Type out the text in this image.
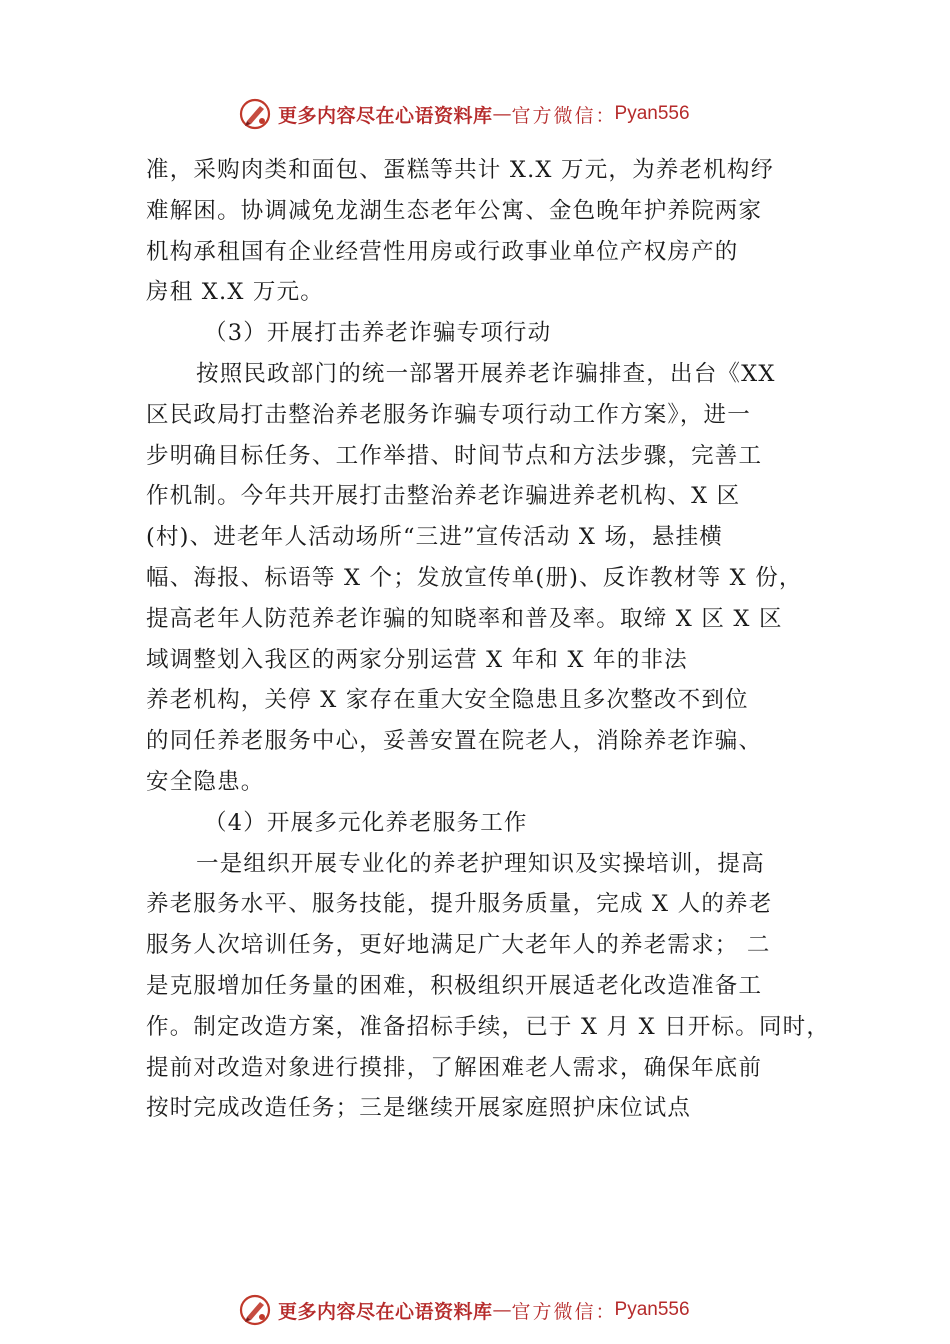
更多内容尽在心语资料库 — 官方微信 ： Pyan556
准，采购肉类和面包、蛋糕等共计 X.X 万元，为养老机构纾
难解困。协调减免龙湖生态老年公寓、金色晚年护养院两家
机构承租国有企业经营性用房或行政事业单位产权房产的
房租 X.X 万元。
（3）开展打击养老诈骗专项行动
按照民政部门的统一部署开展养老诈骗排查，出台《XX
区民政局打击整治养老服务诈骗专项行动工作方案》，进一
步明确目标任务、工作举措、时间节点和方法步骤，完善工
作机制。今年共开展打击整治养老诈骗进养老机构、X 区
(村)、进老年人活动场所“三进”宣传活动 X 场，悬挂横
幅、海报、标语等 X 个；发放宣传单(册)、反诈教材等 X 份，
提高老年人防范养老诈骗的知晓率和普及率。取缔 X 区 X 区
域调整划入我区的两家分别运营 X 年和 X 年的非法
养老机构，关停 X 家存在重大安全隐患且多次整改不到位
的同任养老服务中心，妥善安置在院老人，消除养老诈骗、
安全隐患。
（4）开展多元化养老服务工作
一是组织开展专业化的养老护理知识及实操培训，提高
养老服务水平、服务技能，提升服务质量，完成 X 人的养老
服务人次培训任务，更好地满足广大老年人的养老需求； 二
是克服增加任务量的困难，积极组织开展适老化改造准备工
作。制定改造方案，准备招标手续，已于 X 月 X 日开标。同时，
提前对改造对象进行摸排，了解困难老人需求，确保年底前
按时完成改造任务；三是继续开展家庭照护床位试点
更多内容尽在心语资料库 — 官方微信 ： Pyan556
